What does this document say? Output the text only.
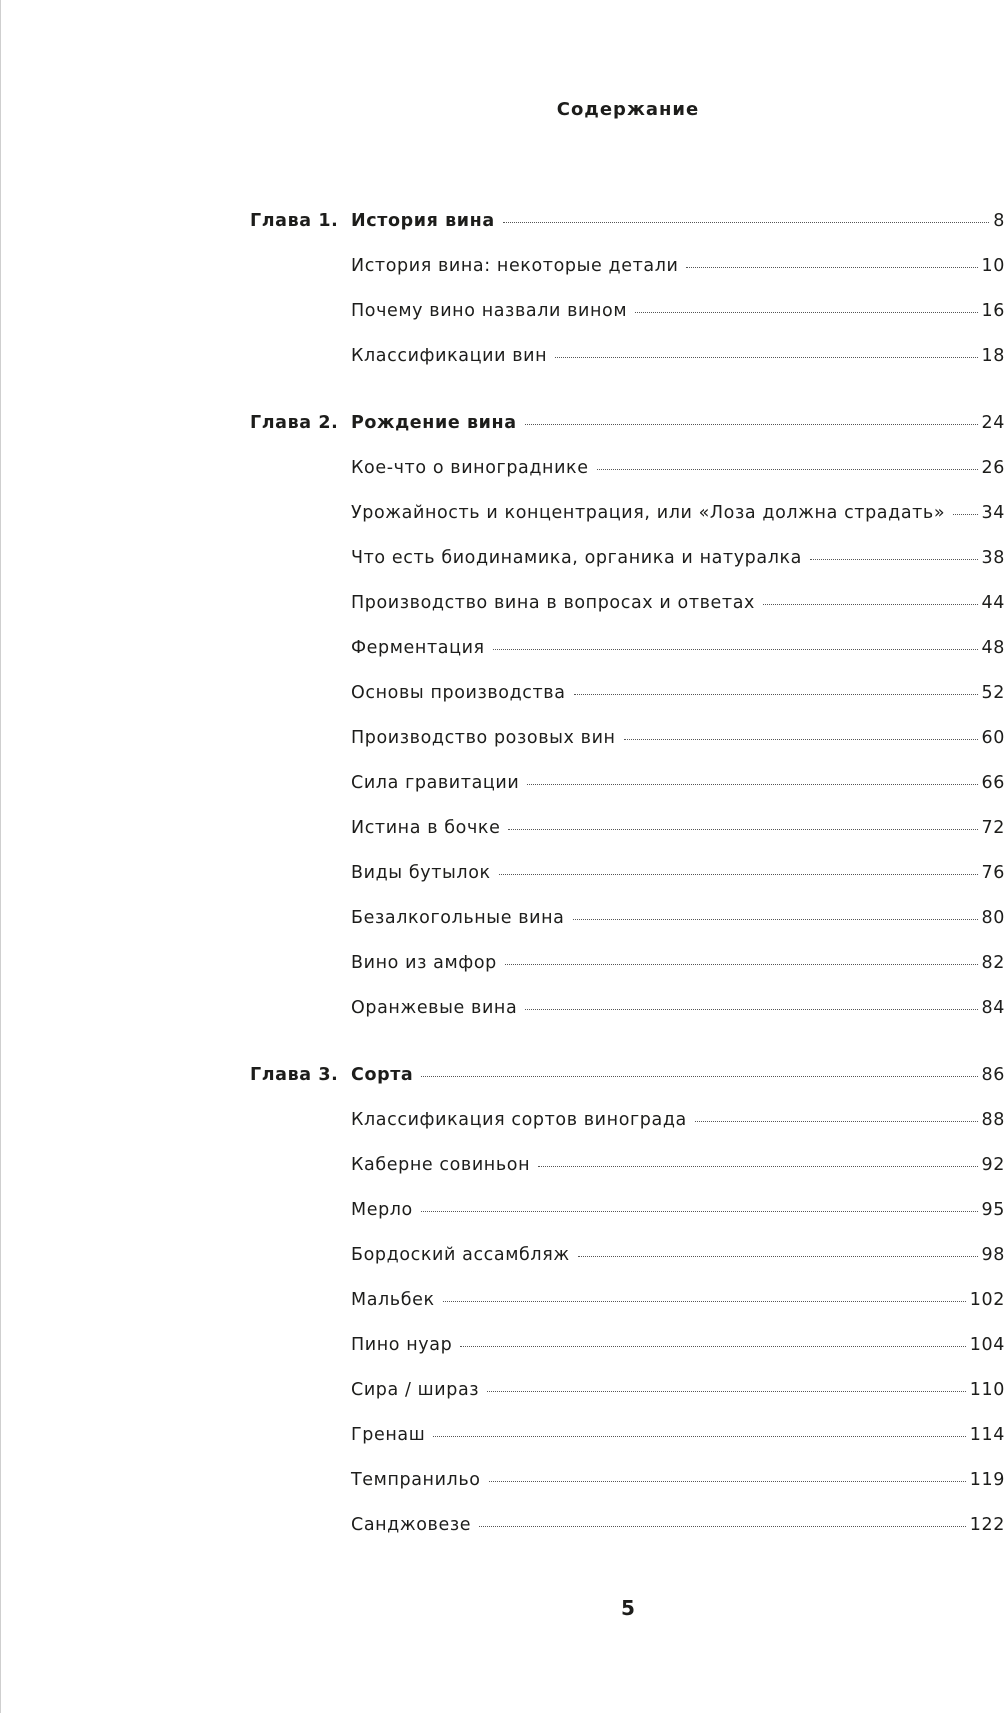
Содержание
Глава 1. История вина	8
История вина: некоторые детали	10
Почему вино назвали вином	16
Классификации вин	18
Глава 2. Рождение вина	24
Кое-что о винограднике	26
Урожайность и концентрация, или «Лоза должна страдать» 34
Что есть биодинамика, органика и натуралка	38
Производство вина в вопросах и ответах	44
Ферментация	48
Основы производства	52
Производство розовых вин	60
Сила гравитации	66
Истина в бочке	72
Виды бутылок	76
Безалкогольные вина	80
Вино из амфор	82
Оранжевые вина	84
Глава 3. Сорта	86
Классификация сортов винограда	88
Каберне совиньон	92
Мерло	95
Бордоский ассамбляж	98
Мальбек	102
Пино нуар	104
Сира / шираз	110
Гренаш	114
Темпранильо	119
Санджовезе	122
5
